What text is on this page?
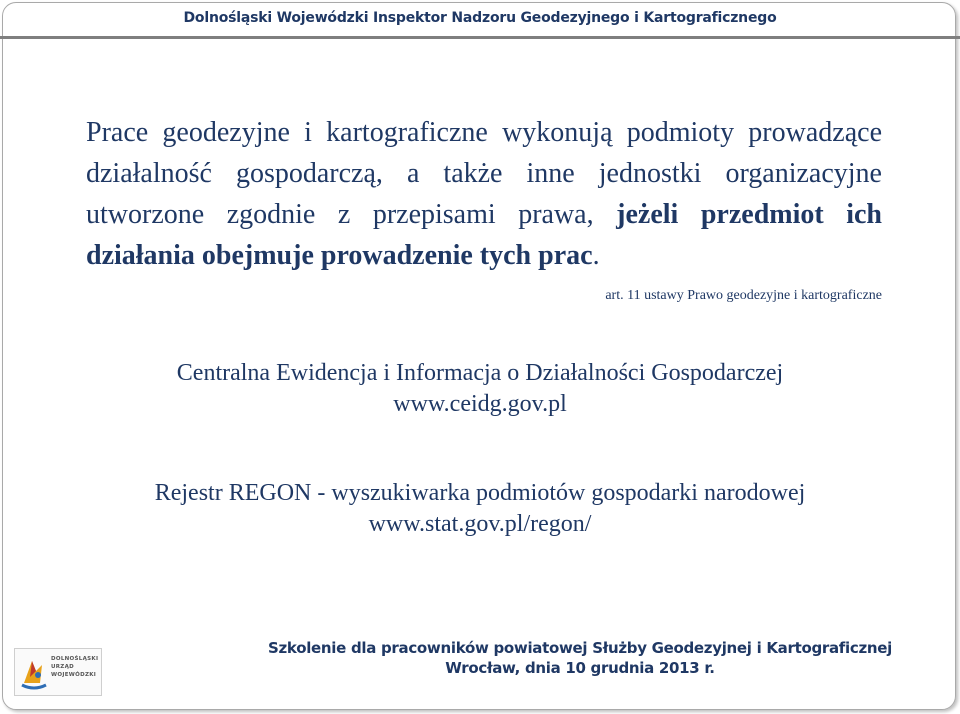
Dolnośląski Wojewódzki Inspektor Nadzoru Geodezyjnego i Kartograficznego
Prace geodezyjne i kartograficzne wykonują podmioty prowadzące działalność gospodarczą, a także inne jednostki organizacyjne utworzone zgodnie z przepisami prawa, jeżeli przedmiot ich działania obejmuje prowadzenie tych prac.
art. 11 ustawy Prawo geodezyjne i kartograficzne
Centralna Ewidencja i Informacja o Działalności Gospodarczej
www.ceidg.gov.pl
Rejestr REGON - wyszukiwarka podmiotów gospodarki narodowej
www.stat.gov.pl/regon/
DOLNOŚLĄSKI
URZĄD
WOJEWÓDZKI
Szkolenie dla pracowników powiatowej Służby Geodezyjnej i Kartograficznej
Wrocław, dnia 10 grudnia 2013 r.
